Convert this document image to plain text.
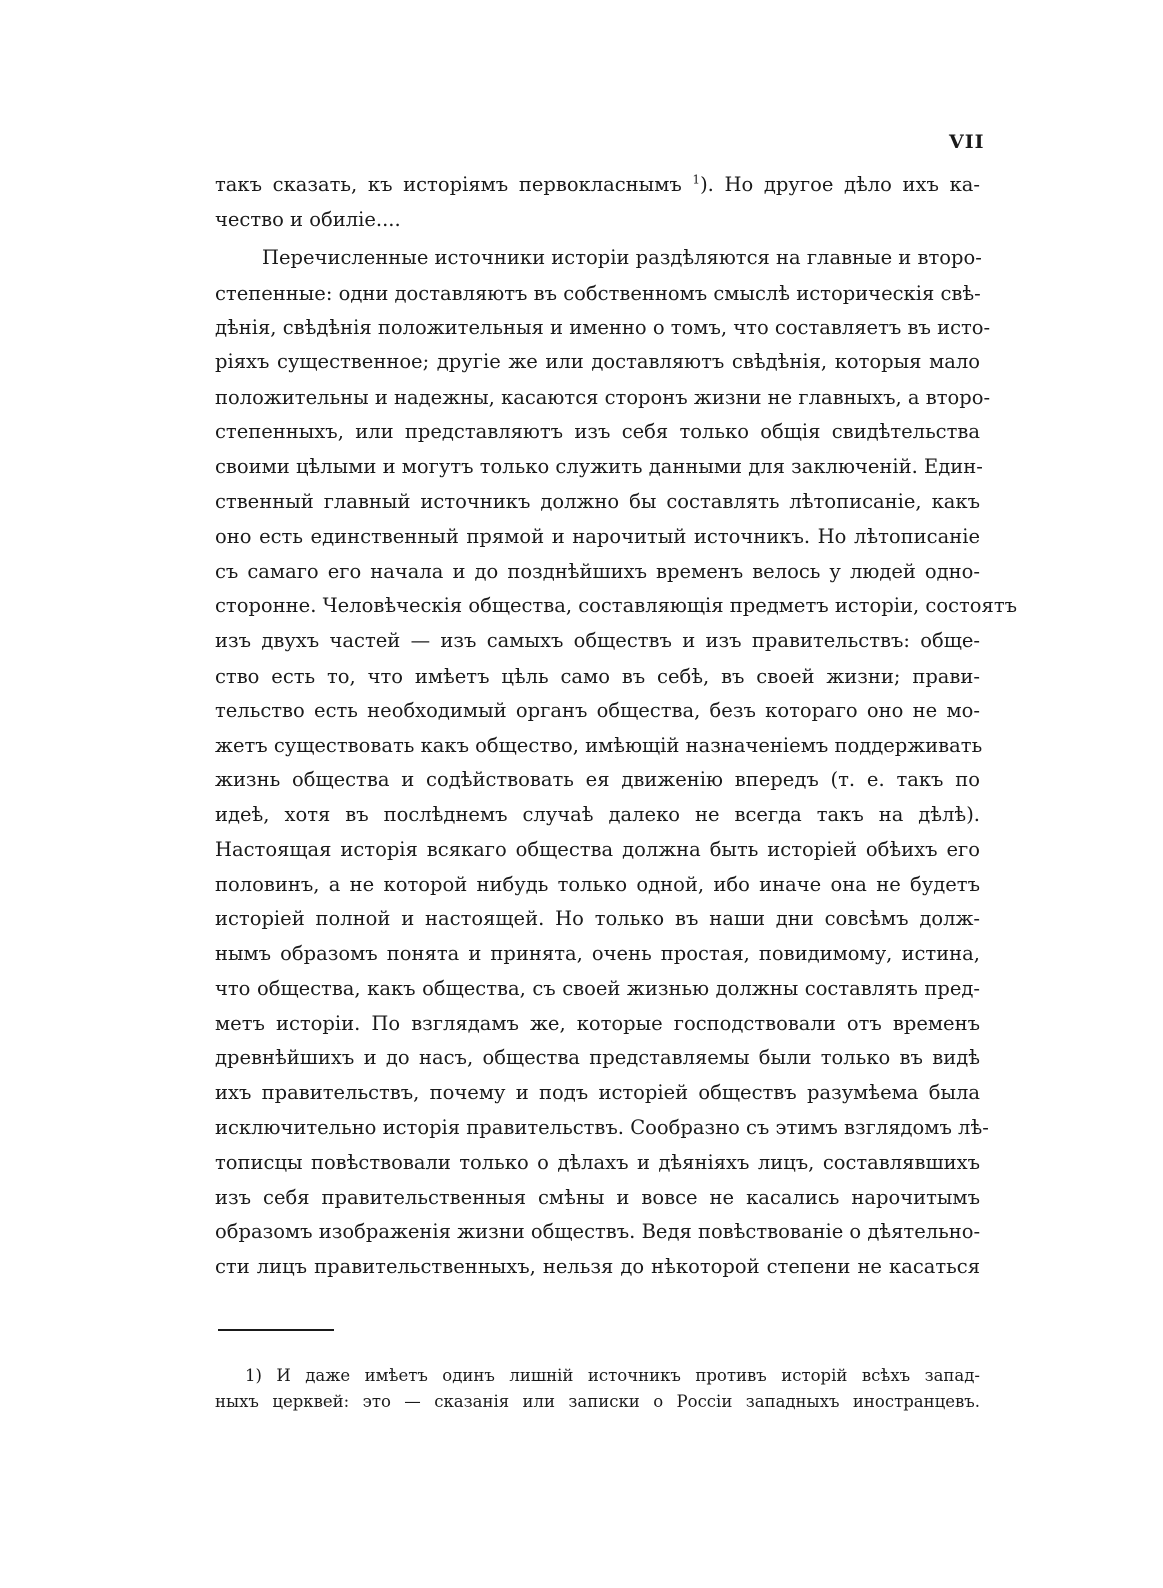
VII
такъ сказать, къ исторіямъ первокласнымъ $^1$). Но другое дѣло ихъ ка-
чество и обиліе....
Перечисленные источники исторіи раздѣляются на главные и второ-
степенные: одни доставляютъ въ собственномъ смыслѣ историческія свѣ-
дѣнія, свѣдѣнія положительныя и именно о томъ, что составляетъ въ исто-
ріяхъ существенное; другіе же или доставляютъ свѣдѣнія, которыя мало
положительны и надежны, касаются сторонъ жизни не главныхъ, а второ-
степенныхъ, или представляютъ изъ себя только общія свидѣтельства
своими цѣлыми и могутъ только служить данными для заключеній. Един-
ственный главный источникъ должно бы составлять лѣтописаніе, какъ
оно есть единственный прямой и нарочитый источникъ. Но лѣтописаніе
съ самаго его начала и до позднѣйшихъ временъ велось у людей одно-
сторонне. Человѣческія общества, составляющія предметъ исторіи, состоятъ
изъ двухъ частей — изъ самыхъ обществъ и изъ правительствъ: обще-
ство есть то, что имѣетъ цѣль само въ себѣ, въ своей жизни; прави-
тельство есть необходимый органъ общества, безъ котораго оно не мо-
жетъ существовать какъ общество, имѣющій назначеніемъ поддерживать
жизнь общества и содѣйствовать ея движенію впередъ (т. е. такъ по
идеѣ, хотя въ послѣднемъ случаѣ далеко не всегда такъ на дѣлѣ).
Настоящая исторія всякаго общества должна быть исторіей обѣихъ его
половинъ, а не которой нибудь только одной, ибо иначе она не будетъ
исторіей полной и настоящей. Но только въ наши дни совсѣмъ долж-
нымъ образомъ понята и принята, очень простая, повидимому, истина,
что общества, какъ общества, съ своей жизнью должны составлять пред-
метъ исторіи. По взглядамъ же, которые господствовали отъ временъ
древнѣйшихъ и до насъ, общества представляемы были только въ видѣ
ихъ правительствъ, почему и подъ исторіей обществъ разумѣема была
исключительно исторія правительствъ. Сообразно съ этимъ взглядомъ лѣ-
тописцы повѣствовали только о дѣлахъ и дѣяніяхъ лицъ, составлявшихъ
изъ себя правительственныя смѣны и вовсе не касались нарочитымъ
образомъ изображенія жизни обществъ. Ведя повѣствованіе о дѣятельно-
сти лицъ правительственныхъ, нельзя до нѣкоторой степени не касаться
1) И даже имѣетъ одинъ лишній источникъ противъ исторій всѣхъ запад-
ныхъ церквей: это — сказанія или записки о Россіи западныхъ иностранцевъ.
